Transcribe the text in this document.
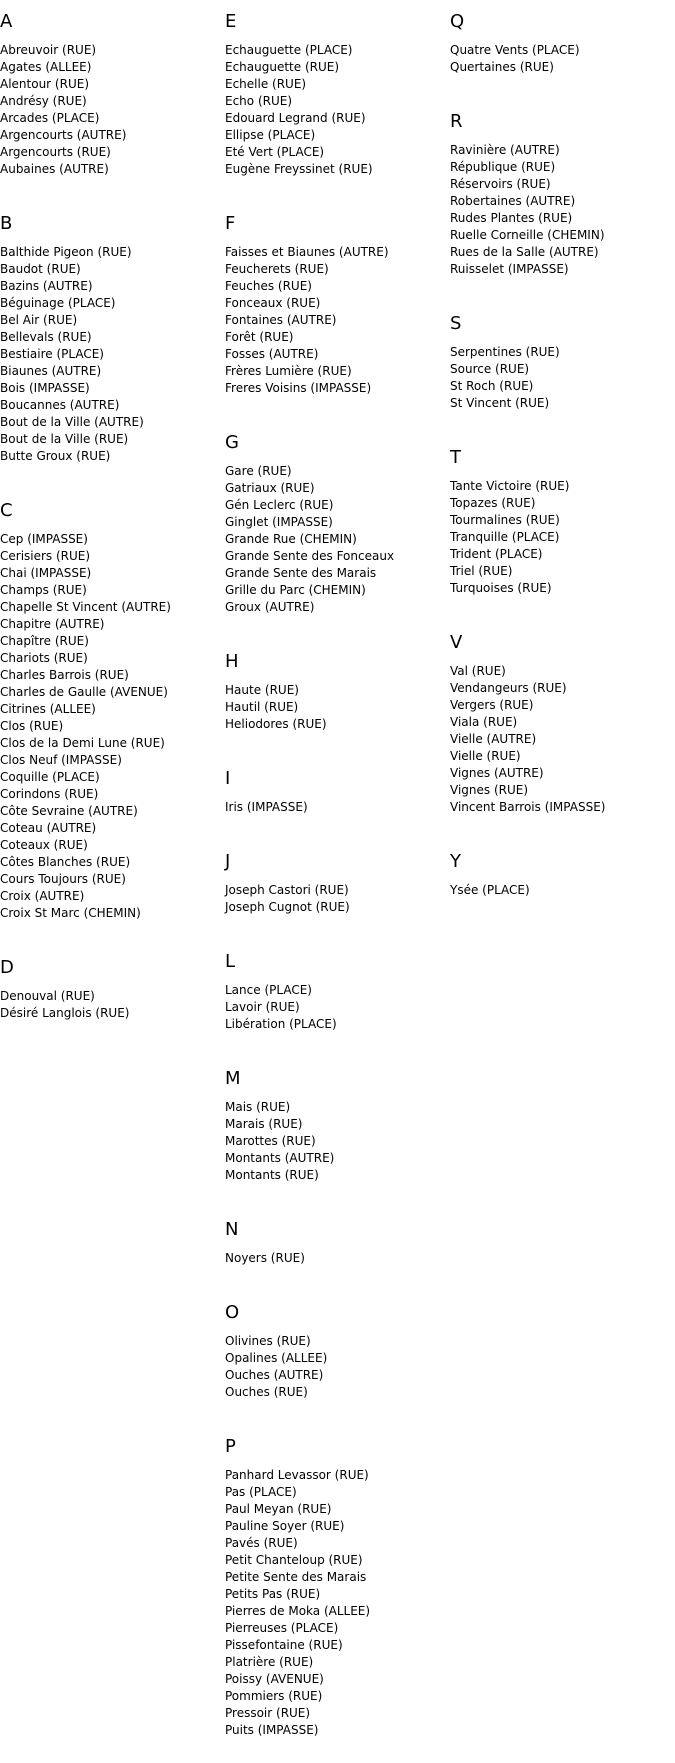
A
Abreuvoir (RUE)
Agates (ALLEE)
Alentour (RUE)
Andrésy (RUE)
Arcades (PLACE)
Argencourts (AUTRE)
Argencourts (RUE)
Aubaines (AUTRE)
B
Balthide Pigeon (RUE)
Baudot (RUE)
Bazins (AUTRE)
Béguinage (PLACE)
Bel Air (RUE)
Bellevals (RUE)
Bestiaire (PLACE)
Biaunes (AUTRE)
Bois (IMPASSE)
Boucannes (AUTRE)
Bout de la Ville (AUTRE)
Bout de la Ville (RUE)
Butte Groux (RUE)
C
Cep (IMPASSE)
Cerisiers (RUE)
Chai (IMPASSE)
Champs (RUE)
Chapelle St Vincent (AUTRE)
Chapitre (AUTRE)
Chapître (RUE)
Chariots (RUE)
Charles Barrois (RUE)
Charles de Gaulle (AVENUE)
Citrines (ALLEE)
Clos (RUE)
Clos de la Demi Lune (RUE)
Clos Neuf (IMPASSE)
Coquille (PLACE)
Corindons (RUE)
Côte Sevraine (AUTRE)
Coteau (AUTRE)
Coteaux (RUE)
Côtes Blanches (RUE)
Cours Toujours (RUE)
Croix (AUTRE)
Croix St Marc (CHEMIN)
D
Denouval (RUE)
Désiré Langlois (RUE)
E
Echauguette (PLACE)
Echauguette (RUE)
Echelle (RUE)
Echo (RUE)
Edouard Legrand (RUE)
Ellipse (PLACE)
Eté Vert (PLACE)
Eugène Freyssinet (RUE)
F
Faisses et Biaunes (AUTRE)
Feucherets (RUE)
Feuches (RUE)
Fonceaux (RUE)
Fontaines (AUTRE)
Forêt (RUE)
Fosses (AUTRE)
Frères Lumière (RUE)
Freres Voisins (IMPASSE)
G
Gare (RUE)
Gatriaux (RUE)
Gén Leclerc (RUE)
Ginglet (IMPASSE)
Grande Rue (CHEMIN)
Grande Sente des Fonceaux
Grande Sente des Marais
Grille du Parc (CHEMIN)
Groux (AUTRE)
H
Haute (RUE)
Hautil (RUE)
Heliodores (RUE)
I
Iris (IMPASSE)
J
Joseph Castori (RUE)
Joseph Cugnot (RUE)
L
Lance (PLACE)
Lavoir (RUE)
Libération (PLACE)
M
Mais (RUE)
Marais (RUE)
Marottes (RUE)
Montants (AUTRE)
Montants (RUE)
N
Noyers (RUE)
O
Olivines (RUE)
Opalines (ALLEE)
Ouches (AUTRE)
Ouches (RUE)
P
Panhard Levassor (RUE)
Pas (PLACE)
Paul Meyan (RUE)
Pauline Soyer (RUE)
Pavés (RUE)
Petit Chanteloup (RUE)
Petite Sente des Marais
Petits Pas (RUE)
Pierres de Moka (ALLEE)
Pierreuses (PLACE)
Pissefontaine (RUE)
Platrière (RUE)
Poissy (AVENUE)
Pommiers (RUE)
Pressoir (RUE)
Puits (IMPASSE)
Q
Quatre Vents (PLACE)
Quertaines (RUE)
R
Ravinière (AUTRE)
République (RUE)
Réservoirs (RUE)
Robertaines (AUTRE)
Rudes Plantes (RUE)
Ruelle Corneille (CHEMIN)
Rues de la Salle (AUTRE)
Ruisselet (IMPASSE)
S
Serpentines (RUE)
Source (RUE)
St Roch (RUE)
St Vincent (RUE)
T
Tante Victoire (RUE)
Topazes (RUE)
Tourmalines (RUE)
Tranquille (PLACE)
Trident (PLACE)
Triel (RUE)
Turquoises (RUE)
V
Val (RUE)
Vendangeurs (RUE)
Vergers (RUE)
Viala (RUE)
Vielle (AUTRE)
Vielle (RUE)
Vignes (AUTRE)
Vignes (RUE)
Vincent Barrois (IMPASSE)
Y
Ysée (PLACE)
